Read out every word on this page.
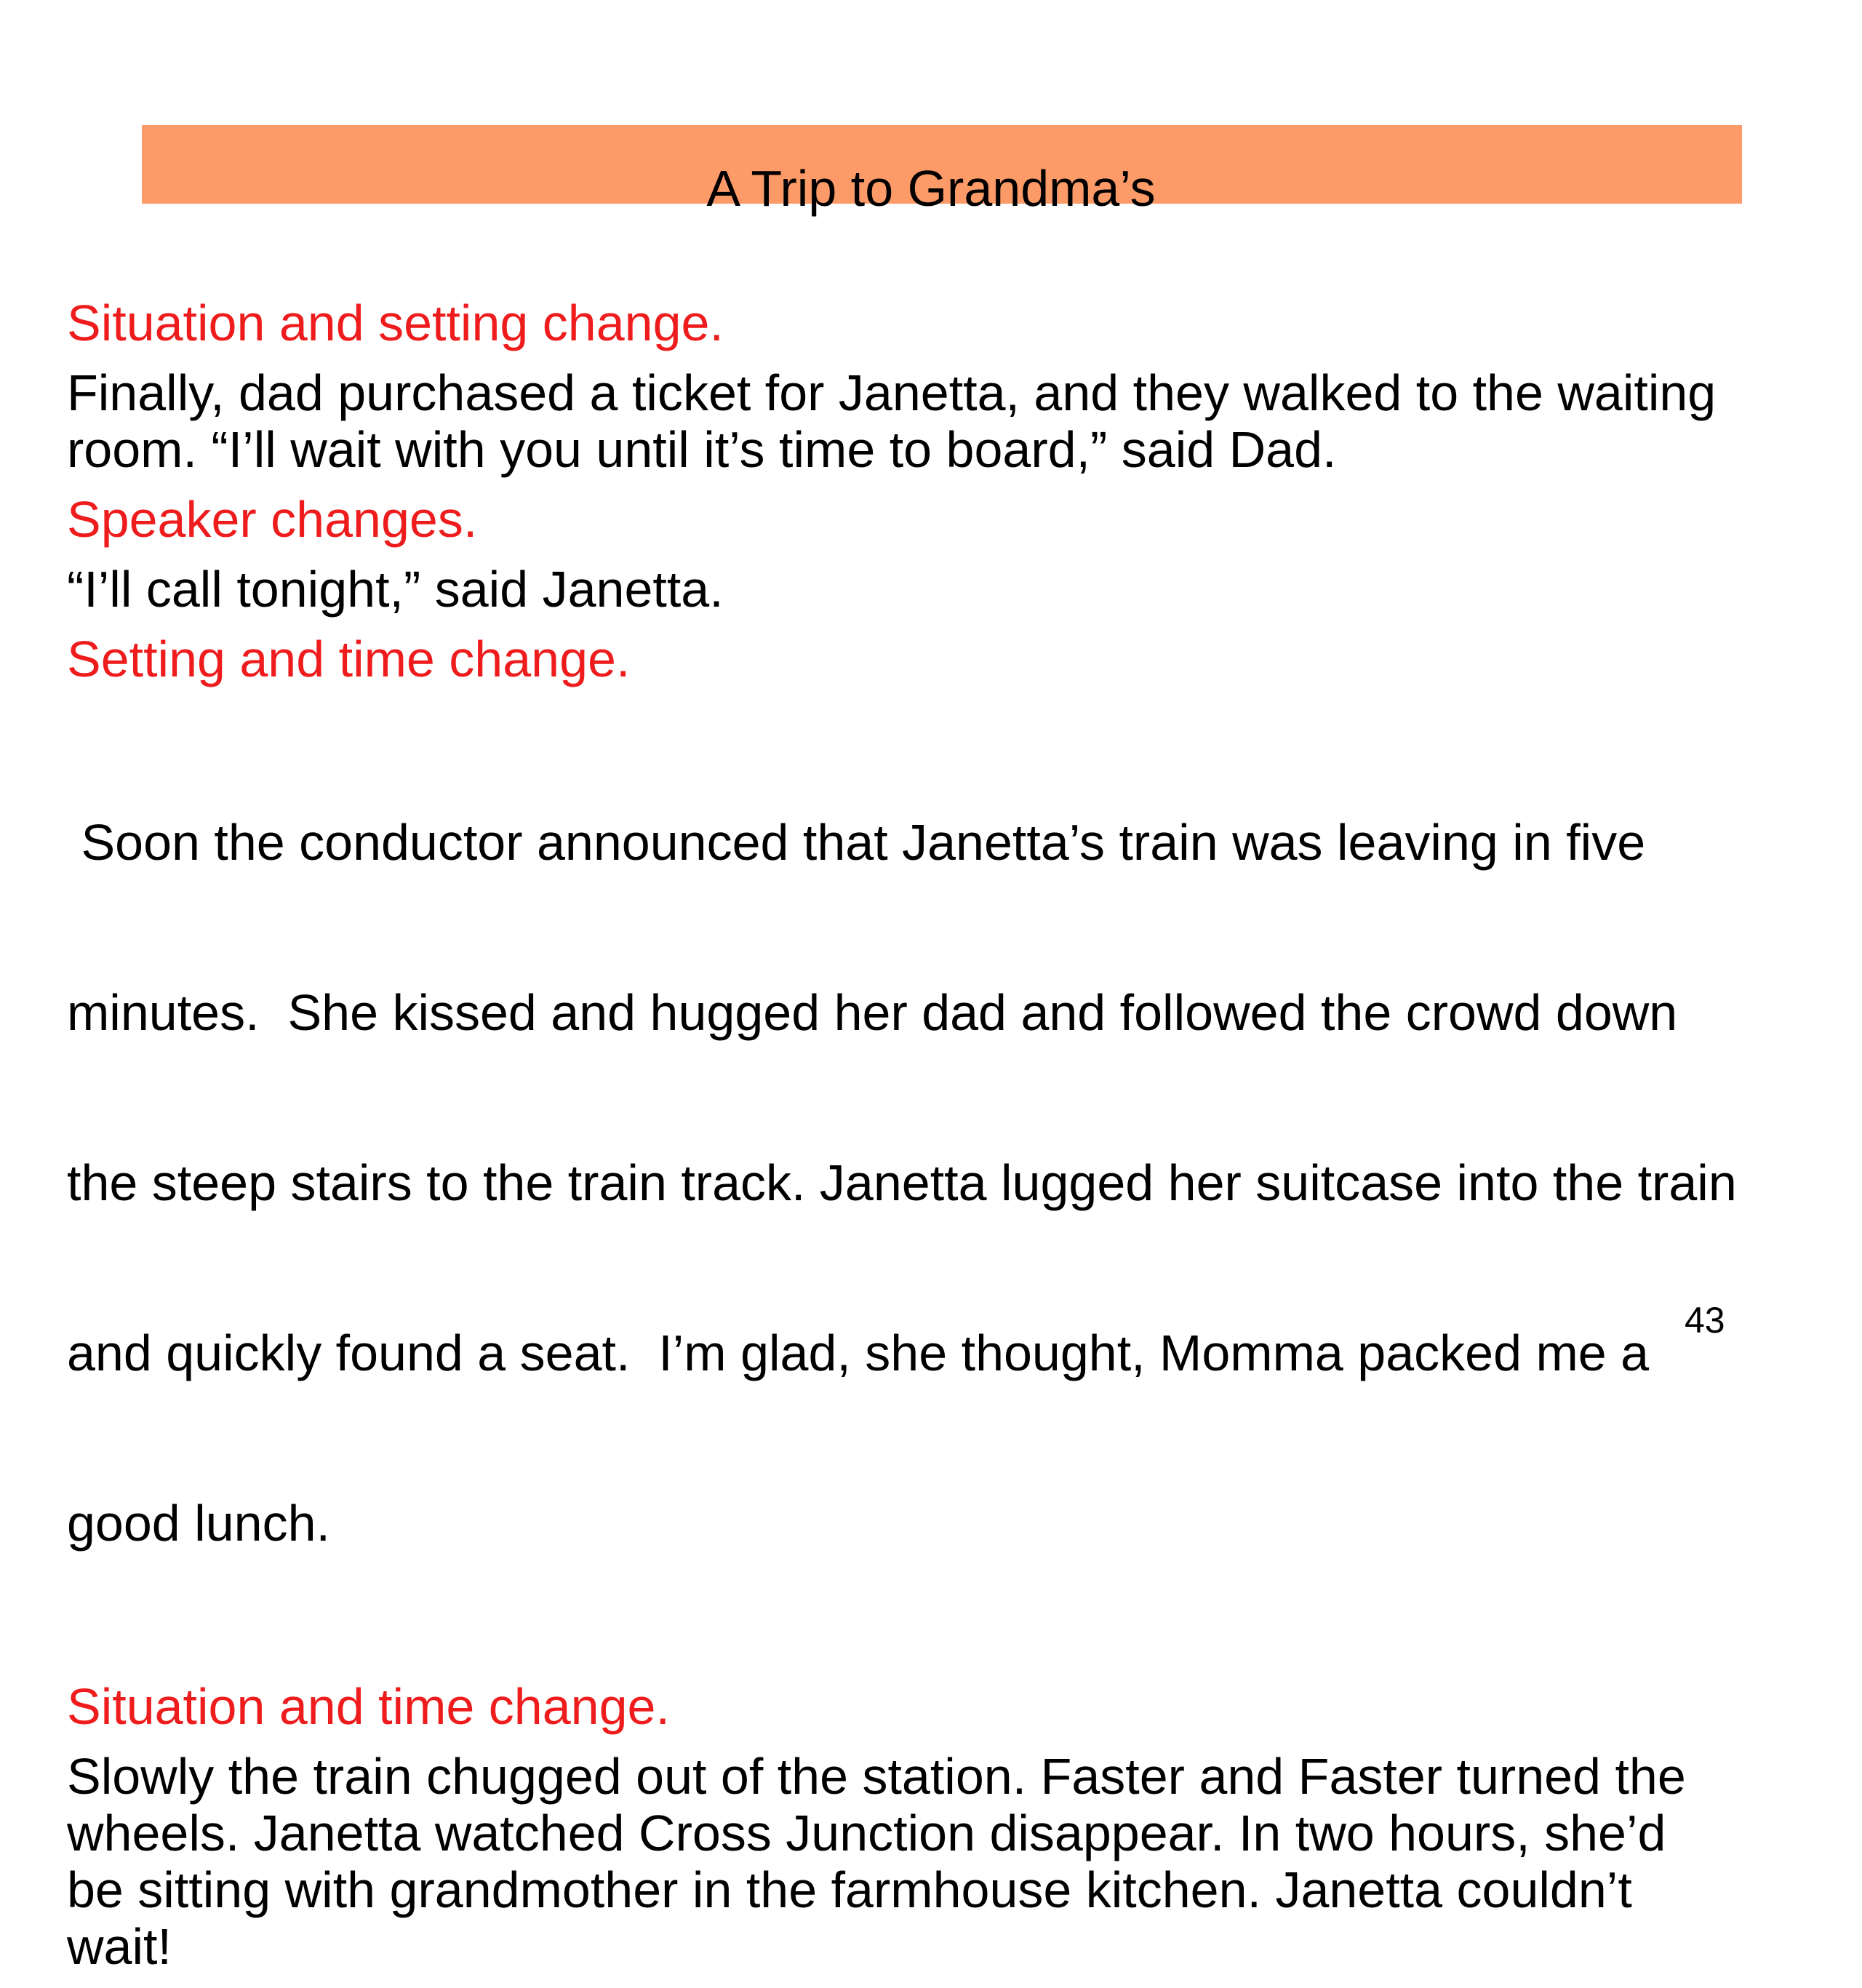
A Trip to Grandma’s
Situation and setting change.
Finally, dad purchased a ticket for Janetta, and they walked to the waiting
room. “I’ll wait with you until it’s time to board,” said Dad.
Speaker changes.
“I’ll call tonight,” said Janetta.
Setting and time change.

Soon the conductor announced that Janetta’s train was leaving in five

minutes.  She kissed and hugged her dad and followed the crowd down

the steep stairs to the train track. Janetta lugged her suitcase into the train

and quickly found a seat.  I’m glad, she thought, Momma packed me a

good lunch.

Situation and time change.
Slowly the train chugged out of the station. Faster and Faster turned the
wheels. Janetta watched Cross Junction disappear. In two hours, she’d
be sitting with grandmother in the farmhouse kitchen. Janetta couldn’t
wait!
43
